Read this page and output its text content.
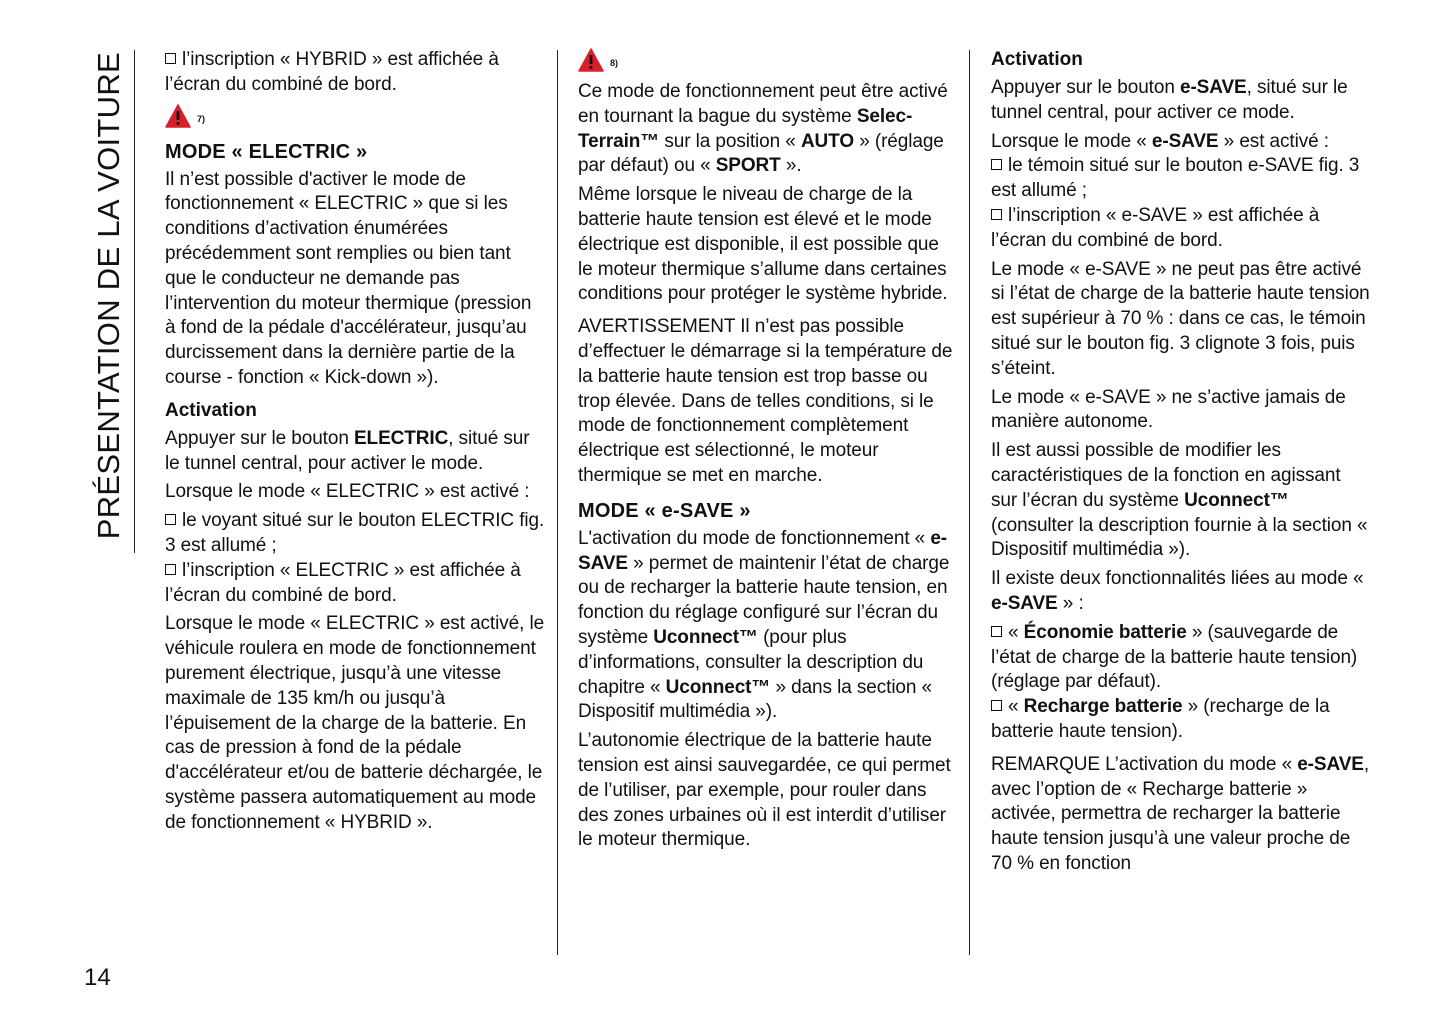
PRÉSENTATION DE LA VOITURE	l’inscription « HYBRID » est affichée à l’écran du combiné de bord.

7)
MODE « ELECTRIC »

Il n’est possible d'activer le mode de fonctionnement « ELECTRIC » que si les conditions d’activation énumérées précédemment sont remplies ou bien tant que le conducteur ne demande pas l’intervention du moteur thermique (pression à fond de la pédale d'accélérateur, jusqu’au durcissement dans la dernière partie de la course - fonction « Kick-down »).

Activation

Appuyer sur le bouton ELECTRIC, situé sur le tunnel central, pour activer le mode.

Lorsque le mode « ELECTRIC » est activé :

le voyant situé sur le bouton ELECTRIC fig. 3 est allumé ;

l’inscription « ELECTRIC » est affichée à l’écran du combiné de bord.

Lorsque le mode « ELECTRIC » est activé, le véhicule roulera en mode de fonctionnement purement électrique, jusqu’à une vitesse maximale de 135 km/h ou jusqu’à l’épuisement de la charge de la batterie. En cas de pression à fond de la pédale d'accélérateur et/ou de batterie déchargée, le système passera automatiquement au mode de fonctionnement « HYBRID ».

8)

Ce mode de fonctionnement peut être activé en tournant la bague du système Selec-Terrain™ sur la position « AUTO » (réglage par défaut) ou « SPORT ».

Même lorsque le niveau de charge de la batterie haute tension est élevé et le mode électrique est disponible, il est possible que le moteur thermique s’allume dans certaines conditions pour protéger le système hybride.

AVERTISSEMENT Il n’est pas possible d’effectuer le démarrage si la température de la batterie haute tension est trop basse ou trop élevée. Dans de telles conditions, si le mode de fonctionnement complètement électrique est sélectionné, le moteur thermique se met en marche.

MODE « e-SAVE »

L'activation du mode de fonctionnement « e-SAVE » permet de maintenir l’état de charge ou de recharger la batterie haute tension, en fonction du réglage configuré sur l’écran du système Uconnect™ (pour plus d’informations, consulter la description du chapitre « Uconnect™ » dans la section « Dispositif multimédia »).

L’autonomie électrique de la batterie haute tension est ainsi sauvegardée, ce qui permet de l’utiliser, par exemple, pour rouler dans des zones urbaines où il est interdit d’utiliser le moteur thermique.

Activation

Appuyer sur le bouton e-SAVE, situé sur le tunnel central, pour activer ce mode.

Lorsque le mode « e-SAVE » est activé :

le témoin situé sur le bouton e-SAVE fig. 3 est allumé ;

l’inscription « e-SAVE » est affichée à l’écran du combiné de bord.

Le mode « e-SAVE » ne peut pas être activé si l’état de charge de la batterie haute tension est supérieur à 70 % : dans ce cas, le témoin situé sur le bouton fig. 3 clignote 3 fois, puis s’éteint.

Le mode « e-SAVE » ne s’active jamais de manière autonome.

Il est aussi possible de modifier les caractéristiques de la fonction en agissant sur l’écran du système Uconnect™ (consulter la description fournie à la section « Dispositif multimédia »).

Il existe deux fonctionnalités liées au mode « e-SAVE » :

« Économie batterie » (sauvegarde de l’état de charge de la batterie haute tension) (réglage par défaut).

« Recharge batterie » (recharge de la batterie haute tension).

REMARQUE L’activation du mode « e-SAVE, avec l’option de « Recharge batterie » activée, permettra de recharger la batterie haute tension jusqu’à une valeur proche de 70 % en fonction

14
